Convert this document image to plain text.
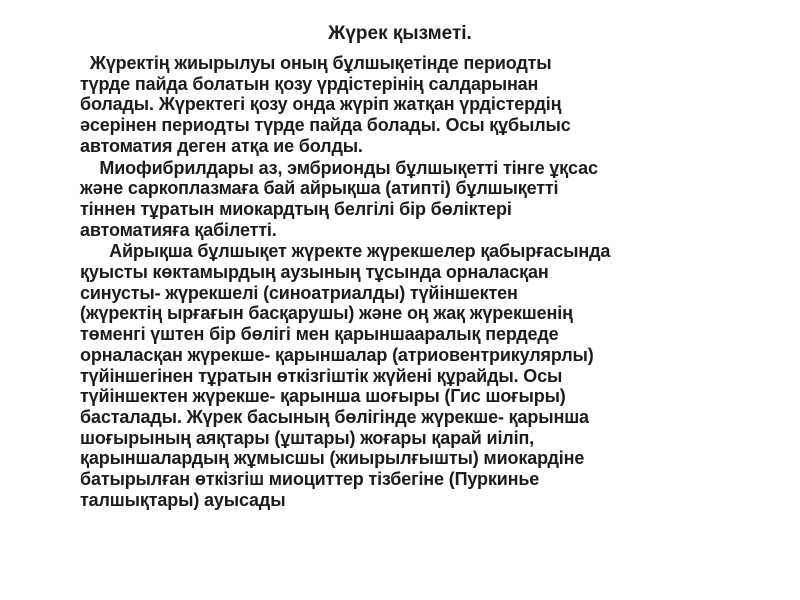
Жүрек қызметі.
Жүректің жиырылуы оның бұлшықетінде периодты
түрде пайда болатын қозу үрдістерінің салдарынан
болады. Жүректегі қозу онда жүріп жатқан үрдістердің
әсерінен периодты түрде пайда болады. Осы құбылыс
автоматия деген атқа ие болды.
Миофибрилдары аз, эмбрионды бұлшықетті тінге ұқсас
және саркоплазмаға бай айрықша (атипті) бұлшықетті
тіннен тұратын миокардтың белгілі бір бөліктері
автоматияға қабілетті.
Айрықша бұлшықет жүректе жүрекшелер қабырғасында
қуысты көктамырдың аузының тұсында орналасқан
синусты- жүрекшелі (синоатриалды) түйіншектен
(жүректің ырғағын басқарушы) және оң жақ жүрекшенің
төменгі үштен бір бөлігі мен қарыншааралық пердеде
орналасқан жүрекше- қарыншалар (атриовентрикулярлы)
түйіншегінен тұратын өткізгіштік жүйені құрайды. Осы
түйіншектен жүрекше- қарынша шоғыры (Гис шоғыры)
басталады. Жүрек басының бөлігінде жүрекше- қарынша
шоғырының аяқтары (ұштары) жоғары қарай иіліп,
қарыншалардың жұмысшы (жиырылғышты) миокардіне
батырылған өткізгіш миоциттер тізбегіне (Пуркинье
талшықтары) ауысады
